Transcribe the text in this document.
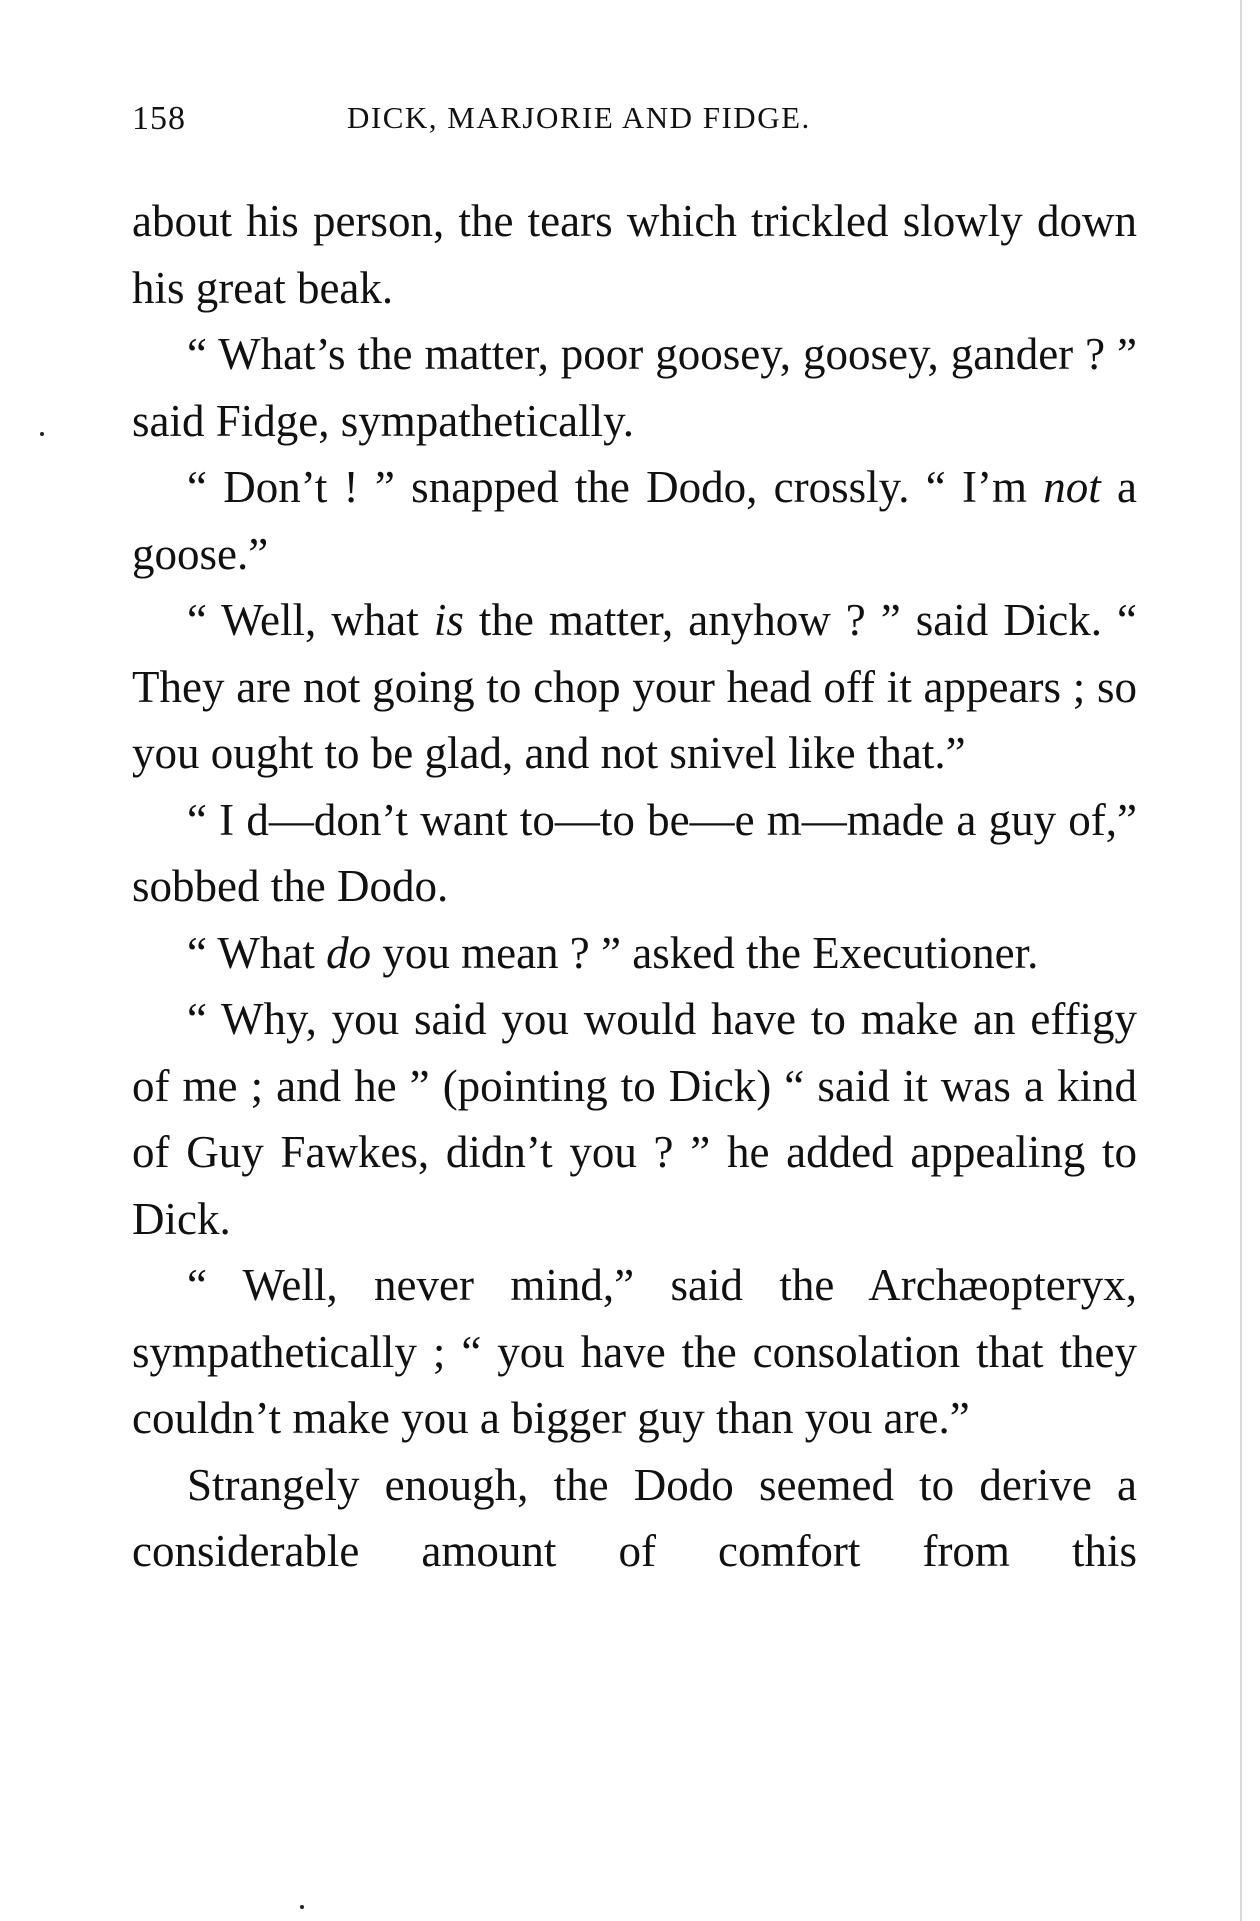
158	DICK, MARJORIE AND FIDGE.

about his person, the tears which trickled slowly down his great beak.

“ What’s the matter, poor goosey, goosey, gander ? ” said Fidge, sympathetically.

“ Don’t ! ” snapped the Dodo, crossly. “ I’m not a goose.”

“ Well, what is the matter, anyhow ? ” said Dick. “ They are not going to chop your head off it appears ; so you ought to be glad, and not snivel like that.”

“ I d—don’t want to—to be—e m—made a guy of,” sobbed the Dodo.

“ What do you mean ? ” asked the Executioner.

“ Why, you said you would have to make an effigy of me ; and he ” (pointing to Dick) “ said it was a kind of Guy Fawkes, didn’t you ? ” he added appealing to Dick.

“ Well, never mind,” said the Archæopteryx, sympathetically ; “ you have the consolation that they couldn’t make you a bigger guy than you are.”

Strangely enough, the Dodo seemed to derive a considerable amount of comfort from this
